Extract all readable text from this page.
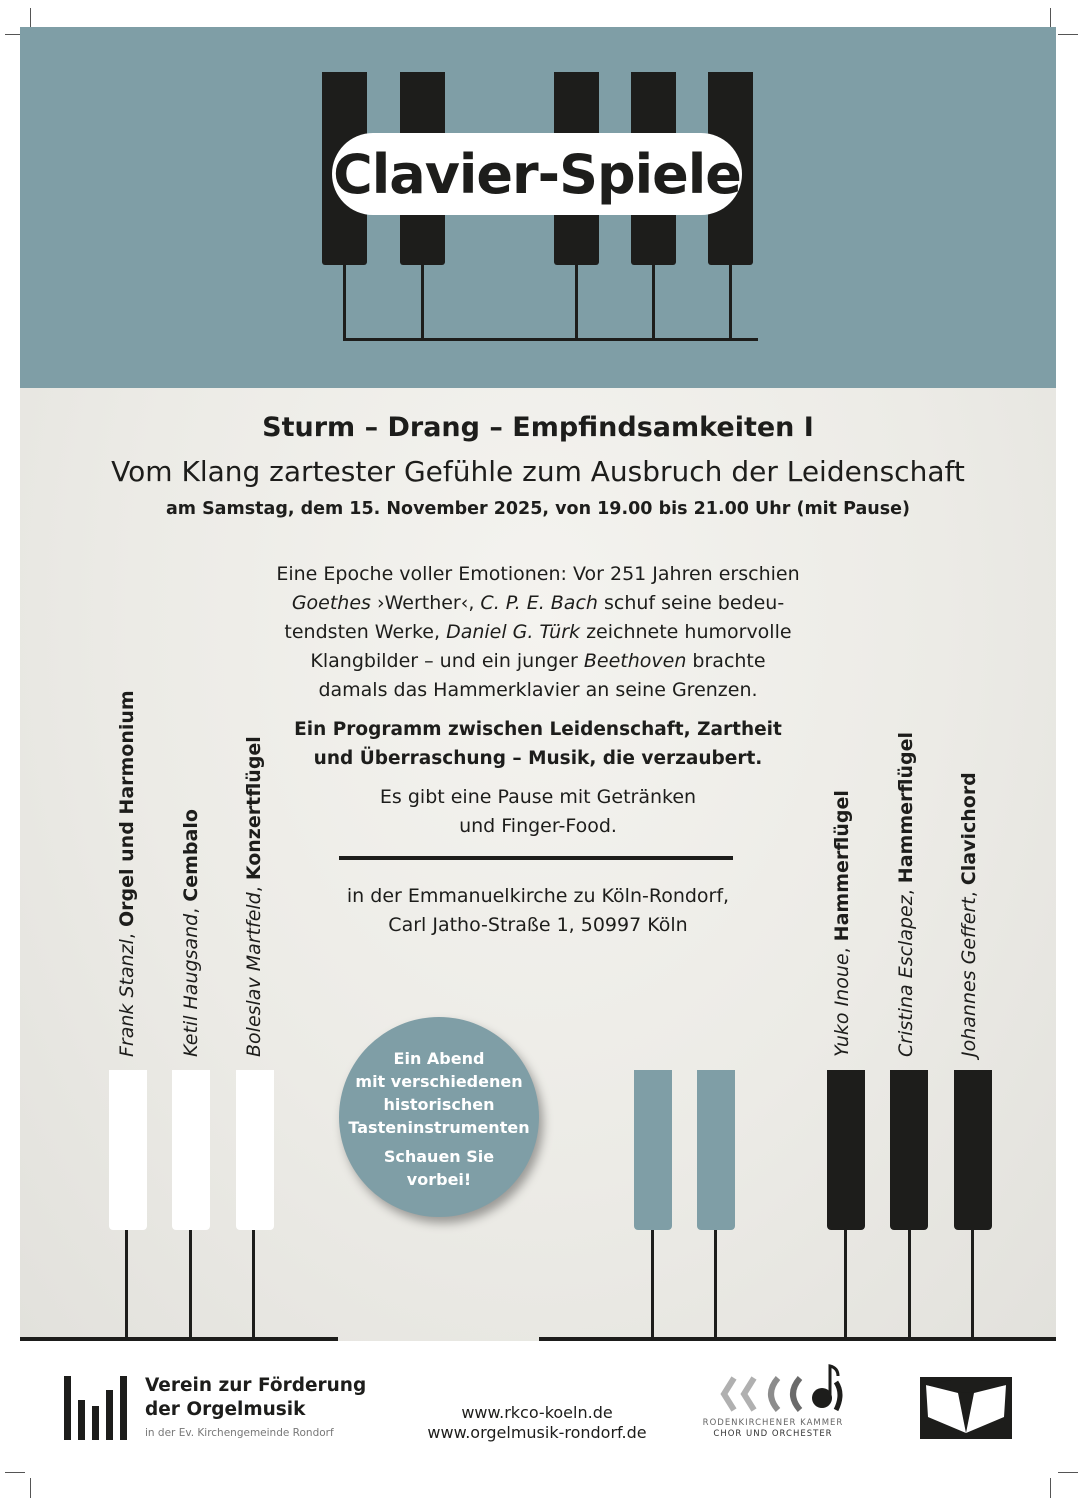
Clavier-Spiele
Sturm – Drang – Empfindsamkeiten I
Vom Klang zartester Gefühle zum Ausbruch der Leidenschaft
am Samstag, dem 15. November 2025, von 19.00 bis 21.00 Uhr (mit Pause)
Eine Epoche voller Emotionen: Vor 251 Jahren erschien
Goethes ›Werther‹, C. P. E. Bach schuf seine bedeu-
tendsten Werke, Daniel G. Türk zeichnete humorvolle
Klangbilder – und ein junger Beethoven brachte
damals das Hammerklavier an seine Grenzen.
Ein Programm zwischen Leidenschaft, Zartheit
und Überraschung – Musik, die verzaubert.
Es gibt eine Pause mit Getränken
und Finger-Food.
in der Emmanuelkirche zu Köln-Rondorf,
Carl Jatho-Straße 1, 50997 Köln
Frank Stanzl, Orgel und Harmonium
Ketil Haugsand, Cembalo
Boleslav Martfeld, Konzertflügel
Yuko Inoue, Hammerflügel
Cristina Esclapez, Hammerflügel
Johannes Geffert, Clavichord
Ein Abend
mit verschiedenen
historischen
Tasteninstrumenten
Schauen Sie
vorbei!
Verein zur Förderung
der Orgelmusik
in der Ev. Kirchengemeinde Rondorf
www.rkco-koeln.de
www.orgelmusik-rondorf.de	RODENKIRCHENER KAMMER
CHOR UND ORCHESTER
